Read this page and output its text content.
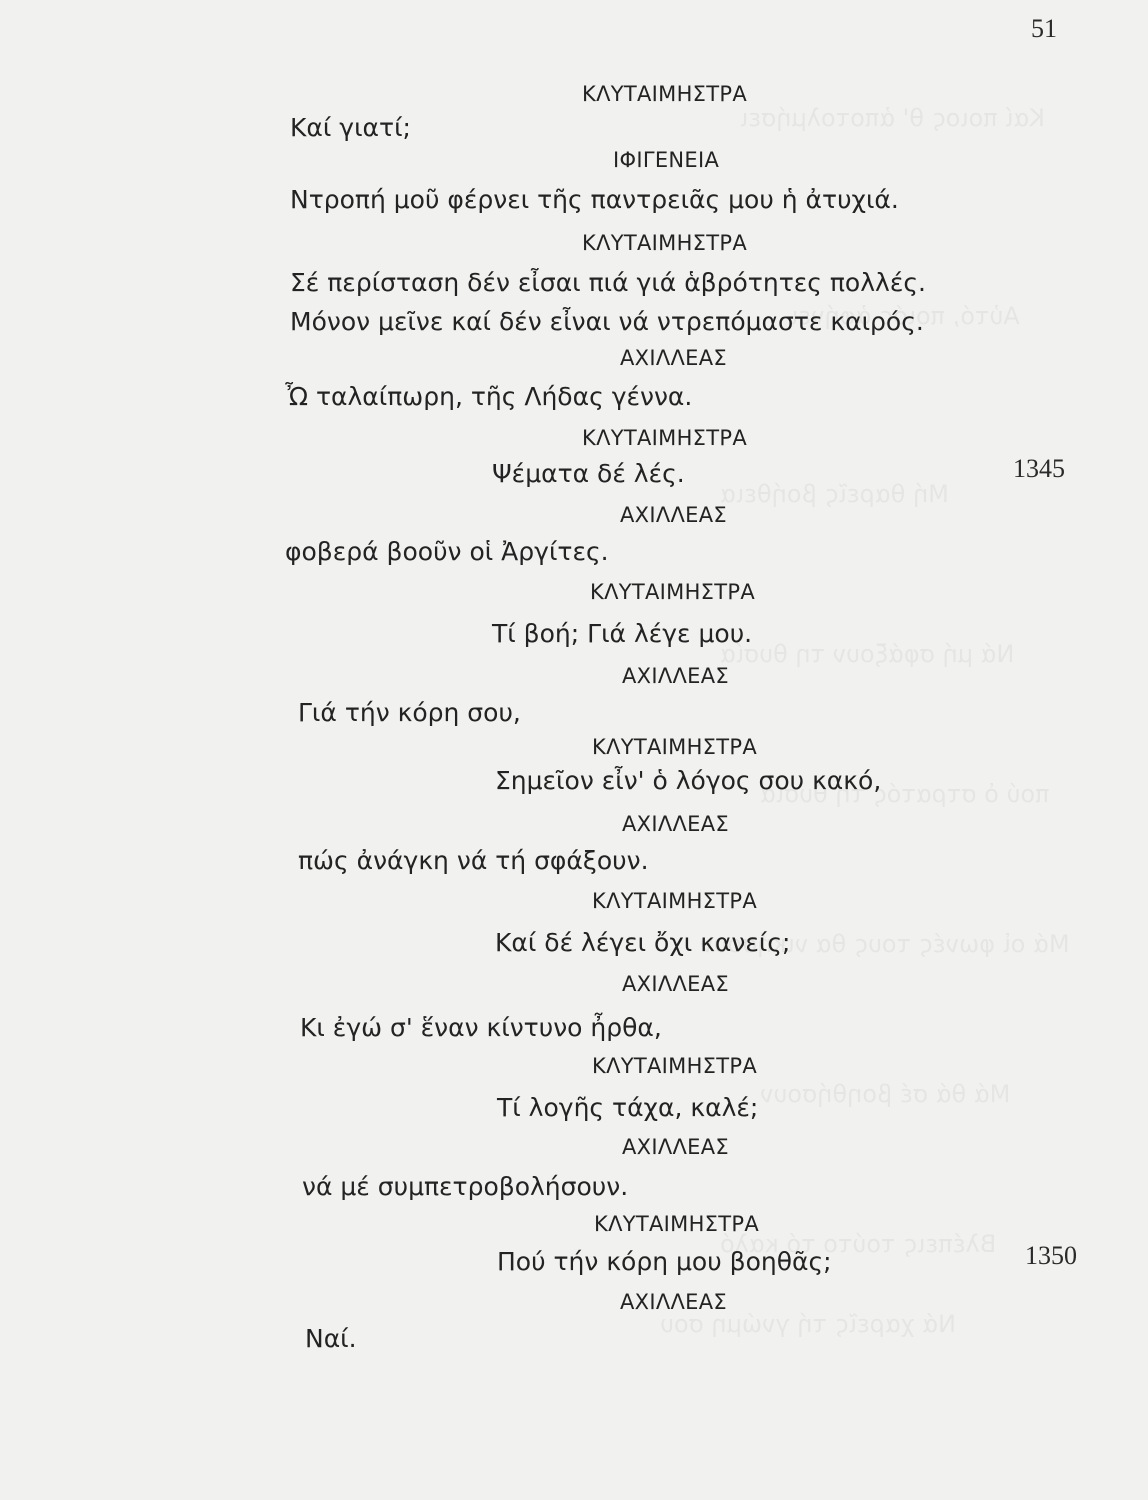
51
1345
1350
ΚΛΥΤΑΙΜΗΣΤΡΑ
Καί γιατί;
ΙΦΙΓΕΝΕΙΑ
Ντροπή μοῦ φέρνει τῆς παντρειᾶς μου ἡ ἀτυχιά.
ΚΛΥΤΑΙΜΗΣΤΡΑ
Σέ περίσταση δέν εἶσαι πιά γιά ἁβρότητες πολλές.
Μόνον μεῖνε καί δέν εἶναι νά ντρεπόμαστε καιρός.
ΑΧΙΛΛΕΑΣ
Ὦ ταλαίπωρη, τῆς Λήδας γέννα.
ΚΛΥΤΑΙΜΗΣΤΡΑ
Ψέματα δέ λές.
ΑΧΙΛΛΕΑΣ
φοβερά βοοῦν οἱ Ἀργίτες.
ΚΛΥΤΑΙΜΗΣΤΡΑ
Τί βοή; Γιά λέγε μου.
ΑΧΙΛΛΕΑΣ
Γιά τήν κόρη σου,
ΚΛΥΤΑΙΜΗΣΤΡΑ
Σημεῖον εἶν' ὁ λόγος σου κακό,
ΑΧΙΛΛΕΑΣ
πώς ἀνάγκη νά τή σφάξουν.
ΚΛΥΤΑΙΜΗΣΤΡΑ
Καί δέ λέγει ὄχι κανείς;
ΑΧΙΛΛΕΑΣ
Κι ἐγώ σ' ἕναν κίντυνο ἦρθα,
ΚΛΥΤΑΙΜΗΣΤΡΑ
Τί λογῆς τάχα, καλέ;
ΑΧΙΛΛΕΑΣ
νά μέ συμπετροβολήσουν.
ΚΛΥΤΑΙΜΗΣΤΡΑ
Πού τήν κόρη μου βοηθᾶς;
ΑΧΙΛΛΕΑΣ
Ναί.
